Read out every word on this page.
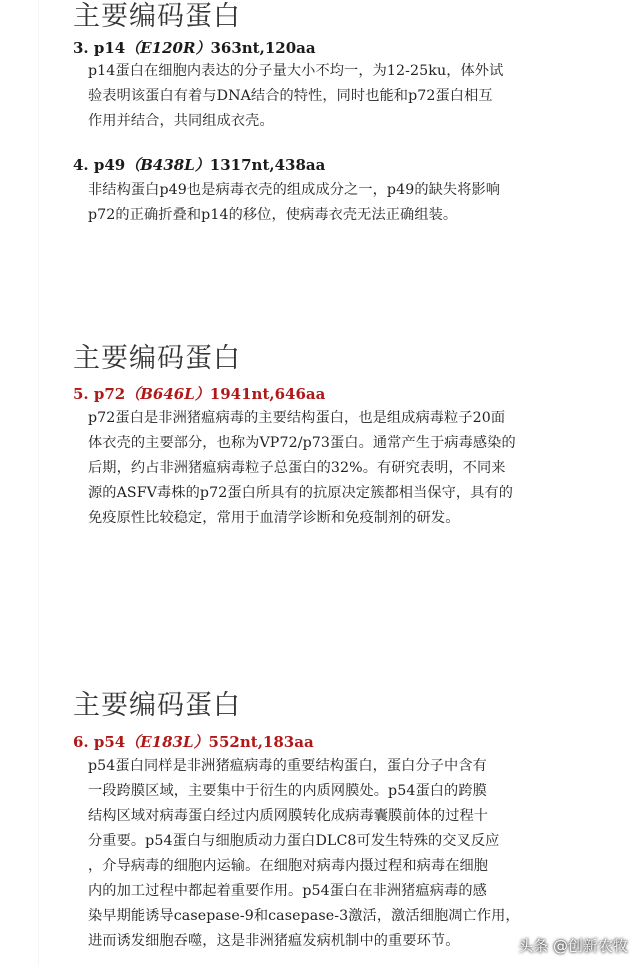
主要编码蛋白
3. p14（E120R）363nt,120aa
p14蛋白在细胞内表达的分子量大小不均一，为12-25ku，体外试
验表明该蛋白有着与DNA结合的特性，同时也能和p72蛋白相互
作用并结合，共同组成衣壳。
4. p49（B438L）1317nt,438aa
非结构蛋白p49也是病毒衣壳的组成成分之一，p49的缺失将影响
p72的正确折叠和p14的移位，使病毒衣壳无法正确组装。
主要编码蛋白
5. p72（B646L）1941nt,646aa
p72蛋白是非洲猪瘟病毒的主要结构蛋白，也是组成病毒粒子20面
体衣壳的主要部分，也称为VP72/p73蛋白。通常产生于病毒感染的
后期，约占非洲猪瘟病毒粒子总蛋白的32%。有研究表明，不同来
源的ASFV毒株的p72蛋白所具有的抗原决定簇都相当保守，具有的
免疫原性比较稳定，常用于血清学诊断和免疫制剂的研发。
主要编码蛋白
6. p54（E183L）552nt,183aa
p54蛋白同样是非洲猪瘟病毒的重要结构蛋白，蛋白分子中含有
一段跨膜区域，主要集中于衍生的内质网膜处。p54蛋白的跨膜
结构区域对病毒蛋白经过内质网膜转化成病毒囊膜前体的过程十
分重要。p54蛋白与细胞质动力蛋白DLC8可发生特殊的交叉反应
，介导病毒的细胞内运输。在细胞对病毒内摄过程和病毒在细胞
内的加工过程中都起着重要作用。p54蛋白在非洲猪瘟病毒的感
染早期能诱导casepase-9和casepase-3激活，激活细胞凋亡作用，
进而诱发细胞吞噬，这是非洲猪瘟发病机制中的重要环节。	头条 @创新农牧
